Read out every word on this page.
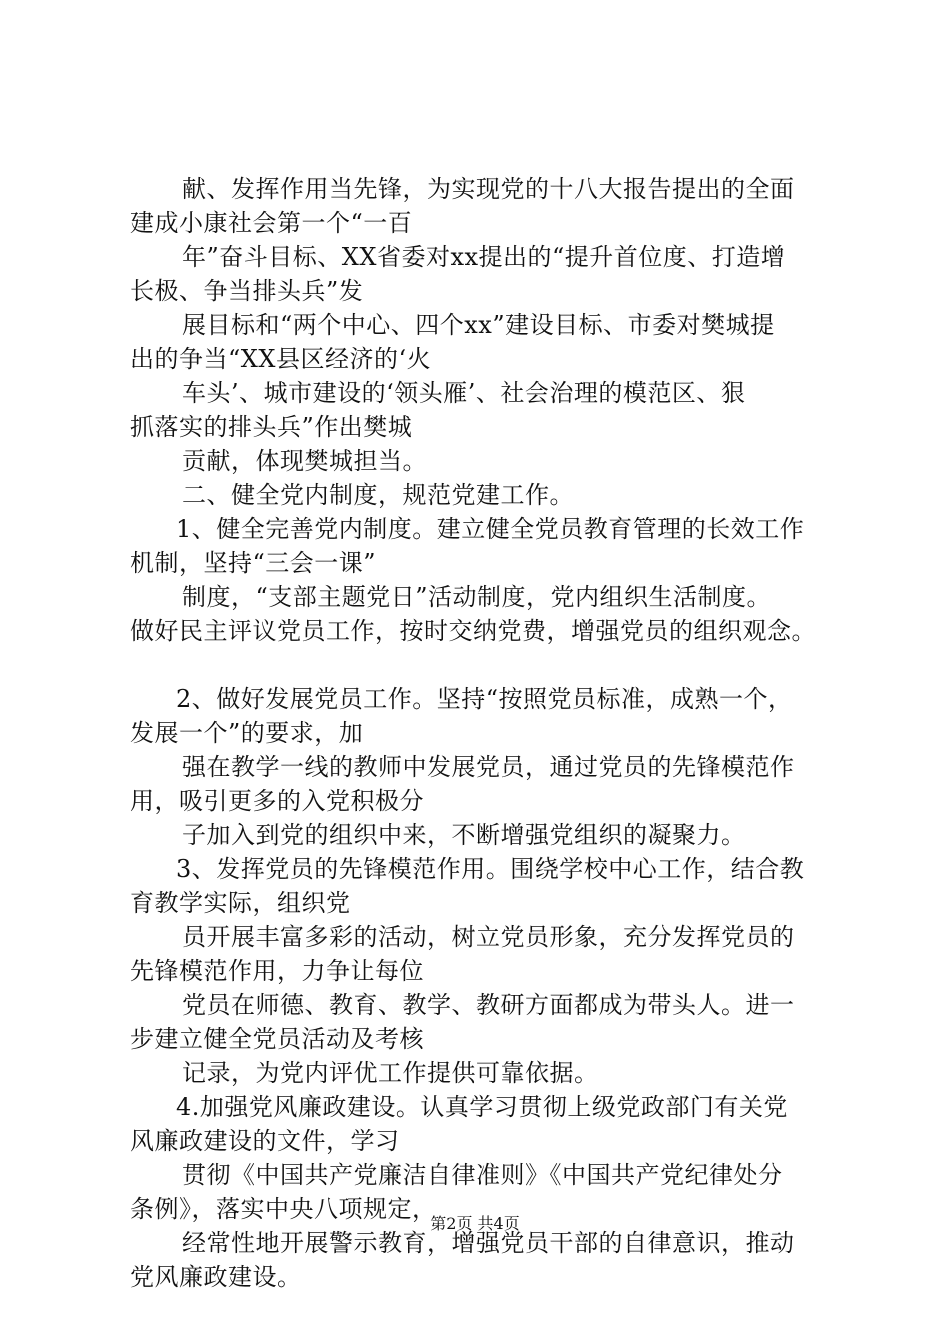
献、发挥作用当先锋，为实现党的十八大报告提出的全面

建成小康社会第一个“一百

年”奋斗目标、XX省委对xx提出的“提升首位度、打造增

长极、争当排头兵”发

展目标和“两个中心、四个xx”建设目标、市委对樊城提

出的争当“XX县区经济的‘火

车头’、城市建设的‘领头雁’、社会治理的模范区、狠

抓落实的排头兵”作出樊城

贡献，体现樊城担当。

二、健全党内制度，规范党建工作。

1、健全完善党内制度。建立健全党员教育管理的长效工作

机制，坚持“三会一课”

制度，“支部主题党日”活动制度，党内组织生活制度。

做好民主评议党员工作，按时交纳党费，增强党员的组织观念。

2、做好发展党员工作。坚持“按照党员标准，成熟一个，

发展一个”的要求，加

强在教学一线的教师中发展党员，通过党员的先锋模范作

用，吸引更多的入党积极分

子加入到党的组织中来，不断增强党组织的凝聚力。

3、发挥党员的先锋模范作用。围绕学校中心工作，结合教

育教学实际，组织党

员开展丰富多彩的活动，树立党员形象，充分发挥党员的

先锋模范作用，力争让每位

党员在师德、教育、教学、教研方面都成为带头人。进一

步建立健全党员活动及考核

记录，为党内评优工作提供可靠依据。

4.加强党风廉政建设。认真学习贯彻上级党政部门有关党

风廉政建设的文件，学习

贯彻《中国共产党廉洁自律准则》《中国共产党纪律处分

条例》，落实中央八项规定，

经常性地开展警示教育，增强党员干部的自律意识，推动

党风廉政建设。

第2页 共4页
